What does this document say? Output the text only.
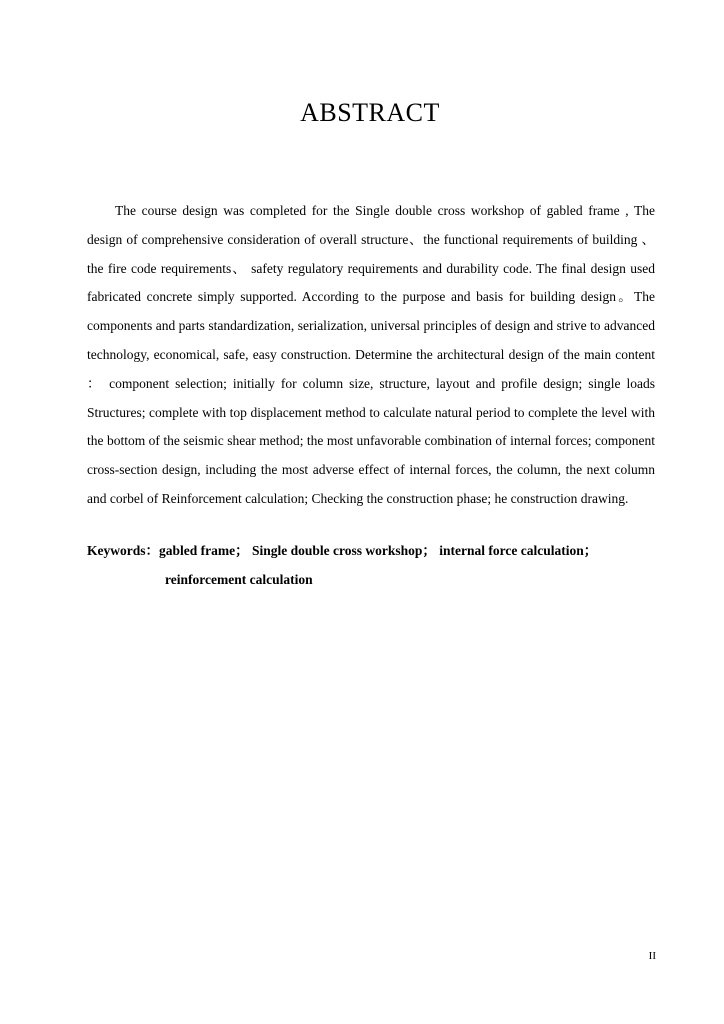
ABSTRACT

The course design was completed for the Single double cross workshop of gabled frame , The design of comprehensive consideration of overall structure、the functional requirements of building 、 the fire code requirements、 safety regulatory requirements and durability code. The final design used fabricated concrete simply supported. According to the purpose and basis for building design。The components and parts standardization, serialization, universal principles of design and strive to advanced technology, economical, safe, easy construction. Determine the architectural design of the main content ： component selection; initially for column size, structure, layout and profile design; single loads Structures; complete with top displacement method to calculate natural period to complete the level with the bottom of the seismic shear method; the most unfavorable combination of internal forces; component cross-section design, including the most adverse effect of internal forces, the column, the next column and corbel of Reinforcement calculation; Checking the construction phase; he construction drawing.

Keywords：gabled frame； Single double cross workshop； internal force calculation；
reinforcement calculation

II
